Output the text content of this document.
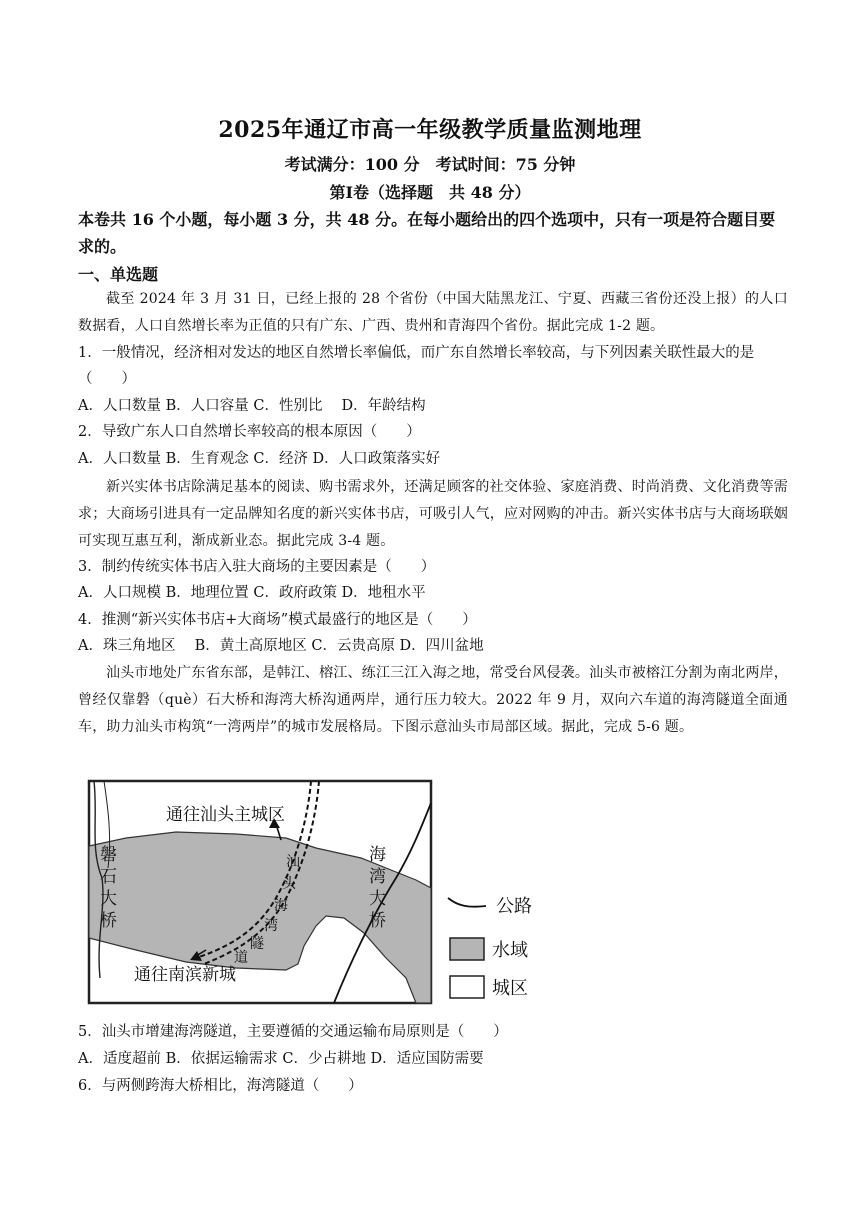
2025年通辽市高一年级教学质量监测地理
考试满分：100 分　考试时间：75 分钟
第Ⅰ卷（选择题　共 48 分）
本卷共 16 个小题，每小题 3 分，共 48 分。在每小题给出的四个选项中，只有一项是符合题目要求的。
一、单选题
截至 2024 年 3 月 31 日，已经上报的 28 个省份（中国大陆黑龙江、宁夏、西藏三省份还没上报）的人口数据看，人口自然增长率为正值的只有广东、广西、贵州和青海四个省份。据此完成 1-2 题。
1．一般情况，经济相对发达的地区自然增长率偏低，而广东自然增长率较高，与下列因素关联性最大的是
（　　）
A．人口数量 B．人口容量 C．性别比　 D．年龄结构
2．导致广东人口自然增长率较高的根本原因（　　）
A．人口数量 B．生育观念 C．经济 D．人口政策落实好
新兴实体书店除满足基本的阅读、购书需求外，还满足顾客的社交体验、家庭消费、时尚消费、文化消费等需求；大商场引进具有一定品牌知名度的新兴实体书店，可吸引人气，应对网购的冲击。新兴实体书店与大商场联姻可实现互惠互利，渐成新业态。据此完成 3-4 题。
3．制约传统实体书店入驻大商场的主要因素是（　　）
A．人口规模 B．地理位置 C．政府政策 D．地租水平
4．推测“新兴实体书店+大商场”模式最盛行的地区是（　　）
A．珠三角地区　 B．黄土高原地区 C．云贵高原 D．四川盆地
汕头市地处广东省东部，是韩江、榕江、练江三江入海之地，常受台风侵袭。汕头市被榕江分割为南北两岸，曾经仅靠磐（què）石大桥和海湾大桥沟通两岸，通行压力较大。2022 年 9 月，双向六车道的海湾隧道全面通车，助力汕头市构筑“一湾两岸”的城市发展格局。下图示意汕头市局部区域。据此，完成 5-6 题。
通往汕头主城区
通往南滨新城
磐
石
大
桥
海
湾
大
桥
汕
头
海
湾
隧
道
公路
水域
城区
5．汕头市增建海湾隧道，主要遵循的交通运输布局原则是（　　）
A．适度超前 B．依据运输需求 C．少占耕地 D．适应国防需要
6．与两侧跨海大桥相比，海湾隧道（　　）
